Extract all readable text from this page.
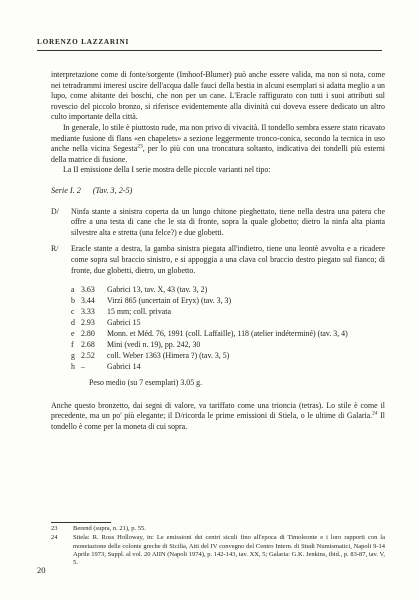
LORENZO LAZZARINI

interpretazione come di fonte/sorgente (Imhoof-Blumer) può anche essere valida, ma non si nota, come nei tetradrammi imeresi uscire dell'acqua dalle fauci della bestia in alcuni esemplari si adatta meglio a un lupo, come abitante dei boschi, che non per un cane. L'Eracle raffigurato con tutti i suoi attributi sul rovescio del piccolo bronzo, si riferisce evidentemente alla divinità cui doveva essere dedicato un altro culto importante della città.

In generale, lo stile è piuttosto rude, ma non privo di vivacità. Il tondello sembra essere stato ricavato mediante fusione di flans «en chapelets» a sezione leggermente tronco-conica, secondo la tecnica in uso anche nella vicina Segesta$^{23}$, per lo più con una troncatura soltanto, indicativa dei tondelli più esterni della matrice di fusione.

La II emissione della I serie mostra delle piccole varianti nel tipo:

Serie I. 2 (Tav. 3, 2-5)
D/	Ninfa stante a sinistra coperta da un lungo chitone pieghettato, tiene nella destra una patera che offre a una testa di cane che le sta di fronte, sopra la quale globetto; dietro la ninfa alta pianta silvestre alta e stretta (una felce?) e due globetti.
R/	Eracle stante a destra, la gamba sinistra piegata all'indietro, tiene una leontè avvolta e a ricadere come sopra sul braccio sinistro, e si appoggia a una clava col braccio destro piegato sul fianco; di fronte, due globetti, dietro, un globetto.
a 3.63	Gabrici 13, tav. X, 43 (tav. 3, 2)
b 3.44	Virzì 865 (uncertain of Eryx) (tav. 3, 3)
c 3.33	15 mm; coll. privata
d 2.93	Gabrici 15
e 2.80	Monn. et Méd. 76, 1991 (coll. Laffaille), 118 (atelier indéterminé) (tav. 3, 4)
f 2.68	Mini (vedi n. 19), pp. 242, 30
g 2.52	coll. Weber 1363 (Himera ?) (tav. 3, 5)
h –	Gabrici 14

Peso medio (su 7 esemplari) 3.05 g.

Anche questo bronzetto, dai segni di valore, va tariffato come una trioncia (tetras). Lo stile è come il precedente, ma un po' più elegante; il D/ricorda le prime emissioni di Stiela, o le ultime di Galaria.$^{24}$ Il tondello è come per la moneta di cui sopra.

23	Berend (supra, n. 21), p. 55.
24	Stiela: R. Ross Holloway, in: Le emissioni dei centri siculi fino all'epoca di Timoleonte e i loro rapporti con la monetazione delle colonie greche di Sicilia, Atti del IV convegno del Centro Intern. di Studi Numismatici, Napoli 9-14 Aprile 1973, Suppl. al vol. 20 AIIN (Napoli 1974), p. 142-143, tav. XX, 5; Galaria: G.K. Jenkins, ibid., p. 83-87, tav. V, 5.
20
